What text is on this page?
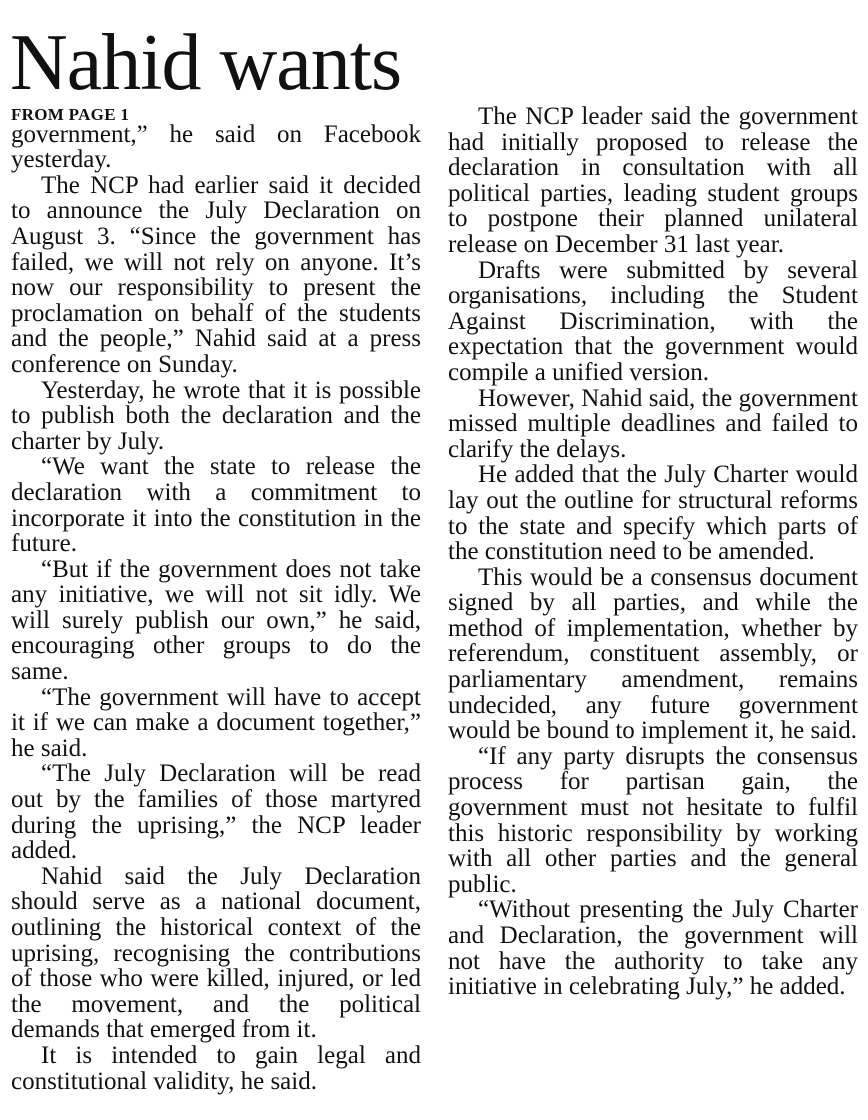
Nahid wants
FROM PAGE 1

government,” he said on Facebook yesterday.

The NCP had earlier said it decided to announce the July Declaration on August 3. “Since the government has failed, we will not rely on anyone. It’s now our responsibility to present the proclamation on behalf of the students and the people,” Nahid said at a press conference on Sunday.

Yesterday, he wrote that it is possible to publish both the declaration and the charter by July.

“We want the state to release the declaration with a commitment to incorporate it into the constitution in the future.

“But if the government does not take any initiative, we will not sit idly. We will surely publish our own,” he said, encouraging other groups to do the same.

“The government will have to accept it if we can make a document together,” he said.

“The July Declaration will be read out by the families of those martyred during the uprising,” the NCP leader added.

Nahid said the July Declaration should serve as a national document, outlining the historical context of the uprising, recognising the contributions of those who were killed, injured, or led the movement, and the political demands that emerged from it.

It is intended to gain legal and constitutional validity, he said.

The NCP leader said the government had initially proposed to release the declaration in consultation with all political parties, leading student groups to postpone their planned unilateral release on December 31 last year.

Drafts were submitted by several organisations, including the Student Against Discrimination, with the expectation that the government would compile a unified version.

However, Nahid said, the government missed multiple deadlines and failed to clarify the delays.

He added that the July Charter would lay out the outline for structural reforms to the state and specify which parts of the constitution need to be amended.

This would be a consensus document signed by all parties, and while the method of implementation, whether by referendum, constituent assembly, or parliamentary amendment, remains undecided, any future government would be bound to implement it, he said.

“If any party disrupts the consensus process for partisan gain, the government must not hesitate to fulfil this historic responsibility by working with all other parties and the general public.

“Without presenting the July Charter and Declaration, the government will not have the authority to take any initiative in celebrating July,” he added.
